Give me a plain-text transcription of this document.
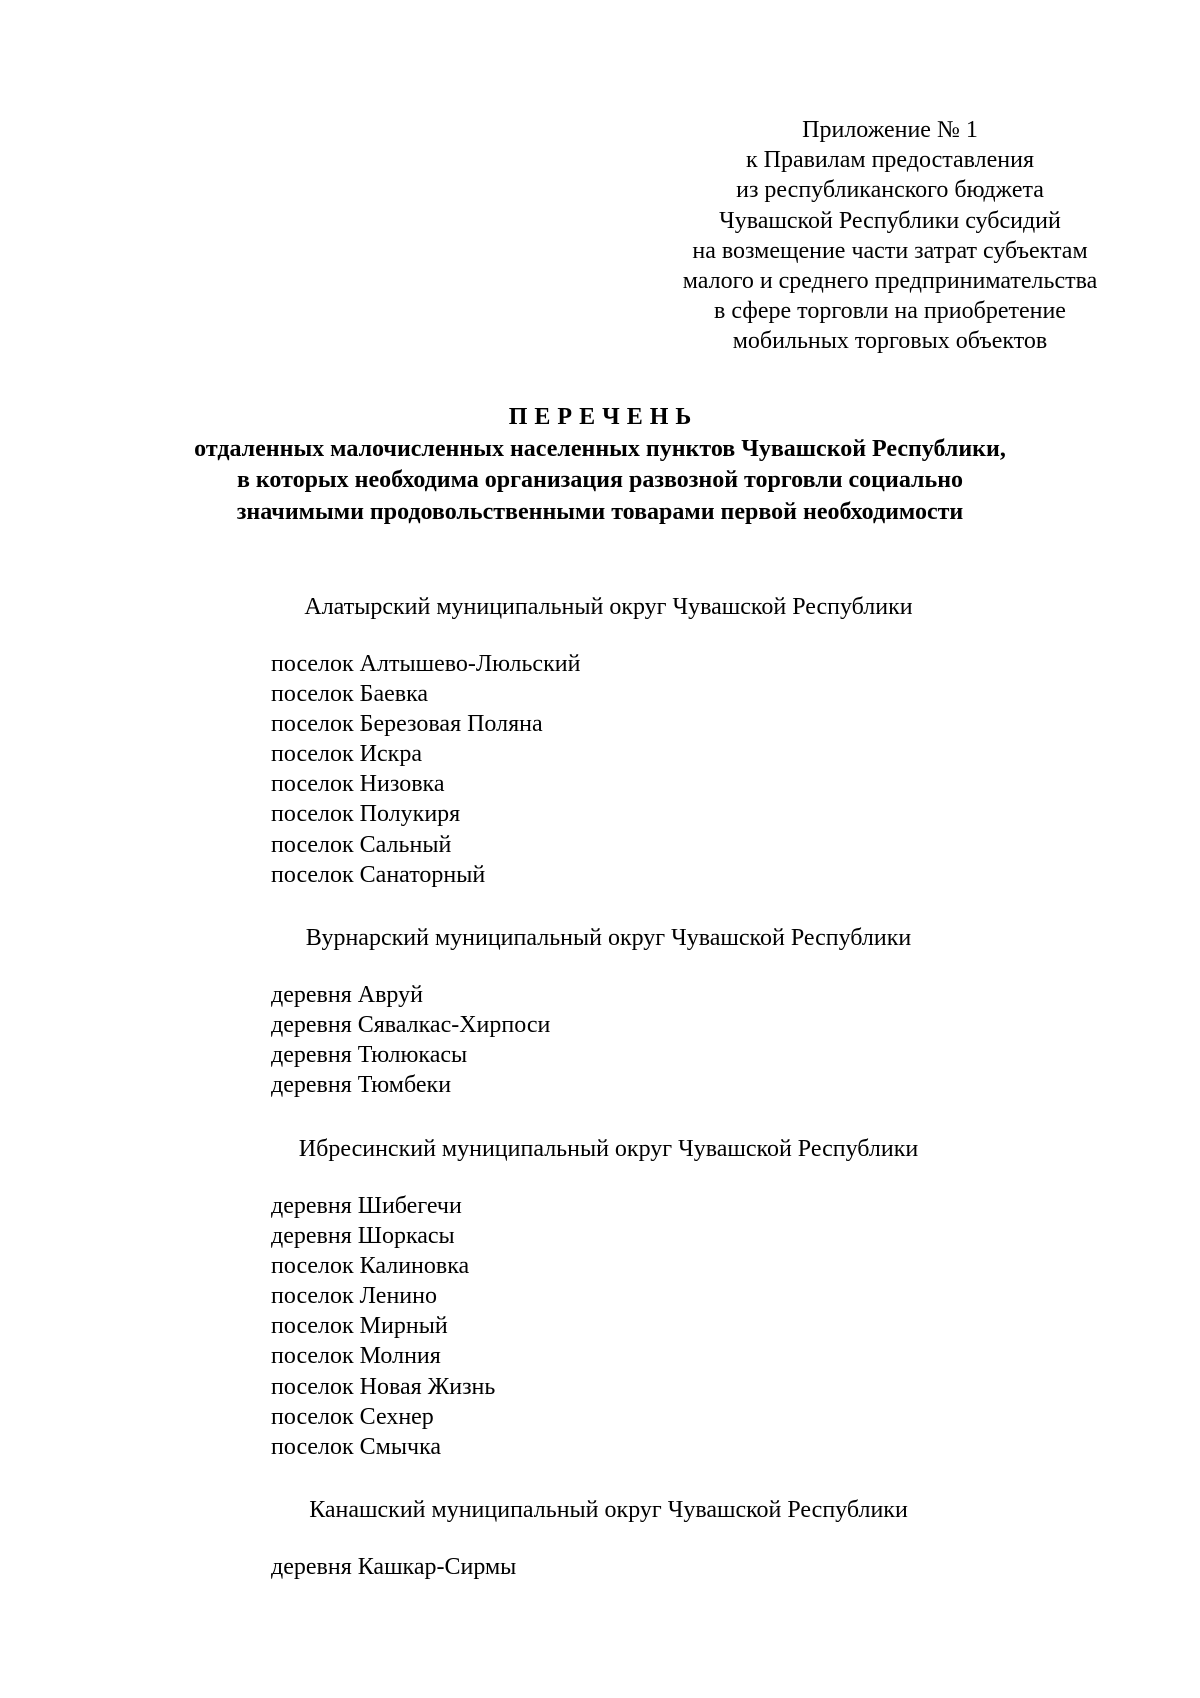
Приложение № 1
к Правилам предоставления
из республиканского бюджета
Чувашской Республики субсидий
на возмещение части затрат субъектам
малого и среднего предпринимательства
в сфере торговли на приобретение
мобильных торговых объектов
ПЕРЕЧЕНЬ
отдаленных малочисленных населенных пунктов Чувашской Республики,
в которых необходима организация развозной торговли социально
значимыми продовольственными товарами первой необходимости
Алатырский муниципальный округ Чувашской Республики
поселок Алтышево-Люльский
поселок Баевка
поселок Березовая Поляна
поселок Искра
поселок Низовка
поселок Полукиря
поселок Сальный
поселок Санаторный
Вурнарский муниципальный округ Чувашской Республики
деревня Авруй
деревня Сявалкас-Хирпоси
деревня Тюлюкасы
деревня Тюмбеки
Ибресинский муниципальный округ Чувашской Республики
деревня Шибегечи
деревня Шоркасы
поселок Калиновка
поселок Ленино
поселок Мирный
поселок Молния
поселок Новая Жизнь
поселок Сехнер
поселок Смычка
Канашский муниципальный округ Чувашской Республики
деревня Кашкар-Сирмы
